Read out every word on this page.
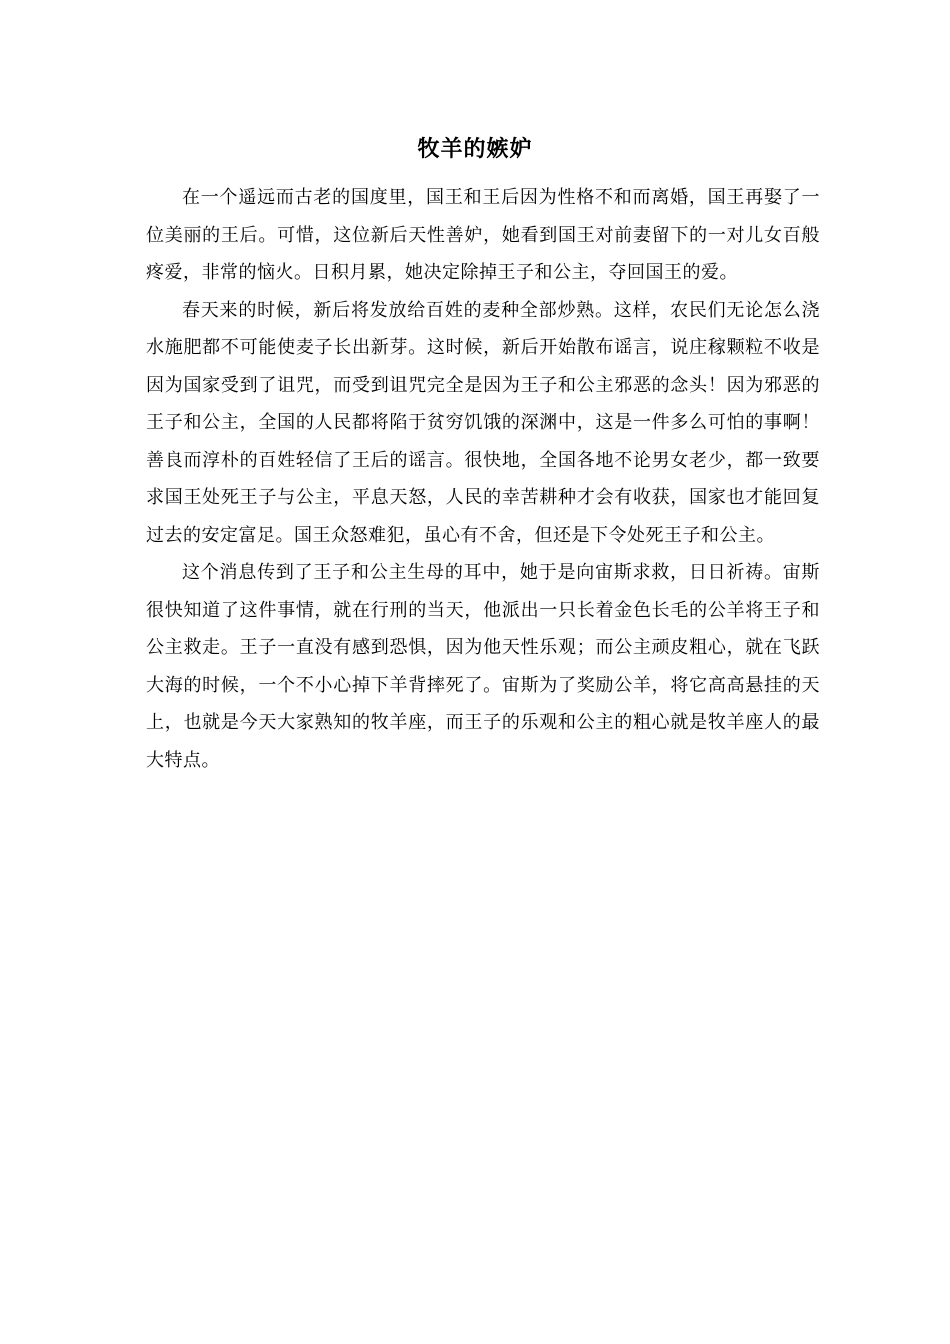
牧羊的嫉妒

在一个遥远而古老的国度里，国王和王后因为性格不和而离婚，国王再娶了一位美丽的王后。可惜，这位新后天性善妒，她看到国王对前妻留下的一对儿女百般疼爱，非常的恼火。日积月累，她决定除掉王子和公主，夺回国王的爱。

春天来的时候，新后将发放给百姓的麦种全部炒熟。这样，农民们无论怎么浇水施肥都不可能使麦子长出新芽。这时候，新后开始散布谣言，说庄稼颗粒不收是因为国家受到了诅咒，而受到诅咒完全是因为王子和公主邪恶的念头！因为邪恶的王子和公主，全国的人民都将陷于贫穷饥饿的深渊中，这是一件多么可怕的事啊！善良而淳朴的百姓轻信了王后的谣言。很快地，全国各地不论男女老少，都一致要求国王处死王子与公主，平息天怒，人民的幸苦耕种才会有收获，国家也才能回复过去的安定富足。国王众怒难犯，虽心有不舍，但还是下令处死王子和公主。

这个消息传到了王子和公主生母的耳中，她于是向宙斯求救，日日祈祷。宙斯很快知道了这件事情，就在行刑的当天，他派出一只长着金色长毛的公羊将王子和公主救走。王子一直没有感到恐惧，因为他天性乐观；而公主顽皮粗心，就在飞跃大海的时候，一个不小心掉下羊背摔死了。宙斯为了奖励公羊，将它高高悬挂的天上，也就是今天大家熟知的牧羊座，而王子的乐观和公主的粗心就是牧羊座人的最大特点。
